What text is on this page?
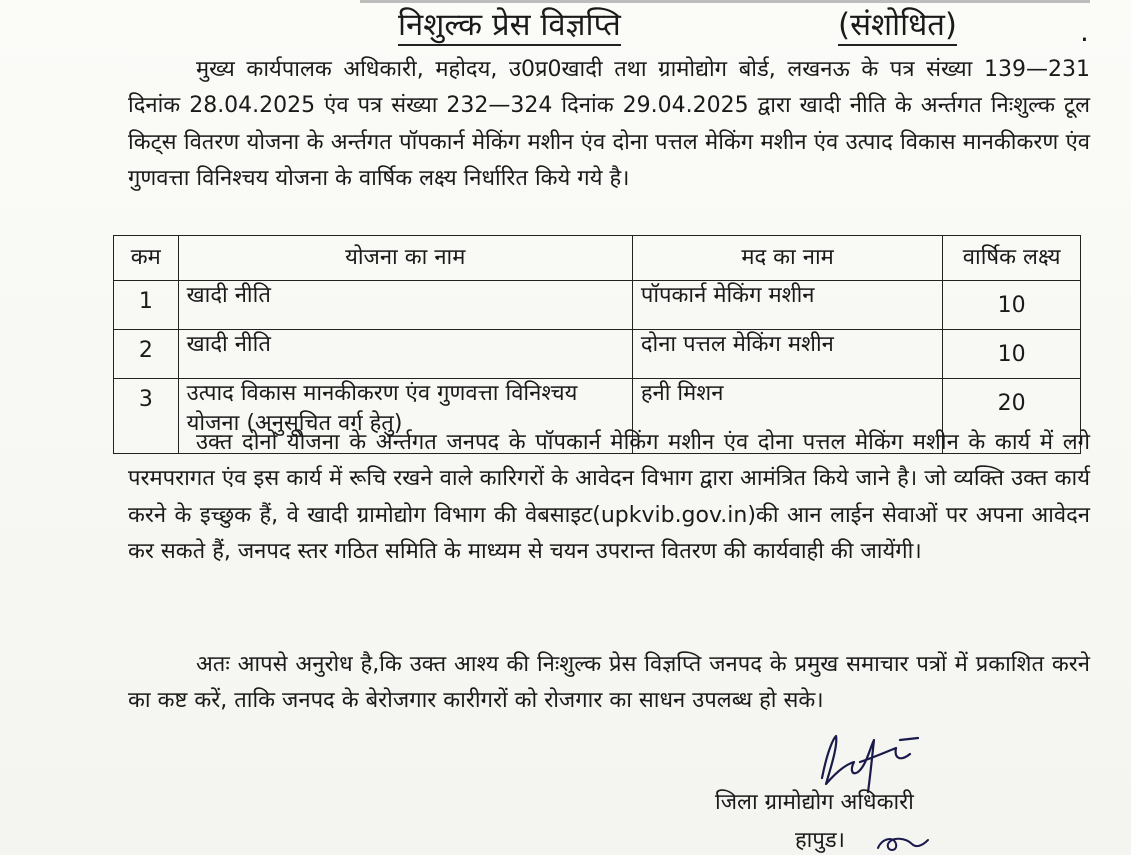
निशुल्क प्रेस विज्ञप्ति	(संशोधित)	.

मुख्य कार्यपालक अधिकारी, महोदय, उ0प्र0खादी तथा ग्रामोद्योग बोर्ड, लखनऊ के पत्र संख्या 139—231 दिनांक 28.04.2025 एंव पत्र संख्या 232—324 दिनांक 29.04.2025 द्वारा खादी नीति के अर्न्तगत निःशुल्क टूल किट्स वितरण योजना के अर्न्तगत पॉपकार्न मेकिंग मशीन एंव दोना पत्तल मेकिंग मशीन एंव उत्पाद विकास मानकीकरण एंव गुणवत्ता विनिश्चय योजना के वार्षिक लक्ष्य निर्धारित किये गये है।

कम	योजना का नाम	मद का नाम	वार्षिक लक्ष्य
1	खादी नीति	पॉपकार्न मेकिंग मशीन	10
2	खादी नीति	दोना पत्तल मेकिंग मशीन	10
3	उत्पाद विकास मानकीकरण एंव गुणवत्ता विनिश्चय योजना (अनुसूचित वर्ग हेतु)	हनी मिशन	20

उक्त दोनो योजना के अर्न्तगत जनपद के पॉपकार्न मेकिंग मशीन एंव दोना पत्तल मेकिंग मशीन के कार्य में लगे परमपरागत एंव इस कार्य में रूचि रखने वाले कारिगरों के आवेदन विभाग द्वारा आमंत्रित किये जाने है। जो व्यक्ति उक्त कार्य करने के इच्छुक हैं, वे खादी ग्रामोद्योग विभाग की वेबसाइट(upkvib.gov.in)की आन लाईन सेवाओं पर अपना आवेदन कर सकते हैं, जनपद स्तर गठित समिति के माध्यम से चयन उपरान्त वितरण की कार्यवाही की जायेंगी।

अतः आपसे अनुरोध है,कि उक्त आश्य की निःशुल्क प्रेस विज्ञप्ति जनपद के प्रमुख समाचार पत्रों में प्रकाशित करने का कष्ट करें, ताकि जनपद के बेरोजगार कारीगरों को रोजगार का साधन उपलब्ध हो सके।

जिला ग्रामोद्योग अधिकारी
हापुड।
